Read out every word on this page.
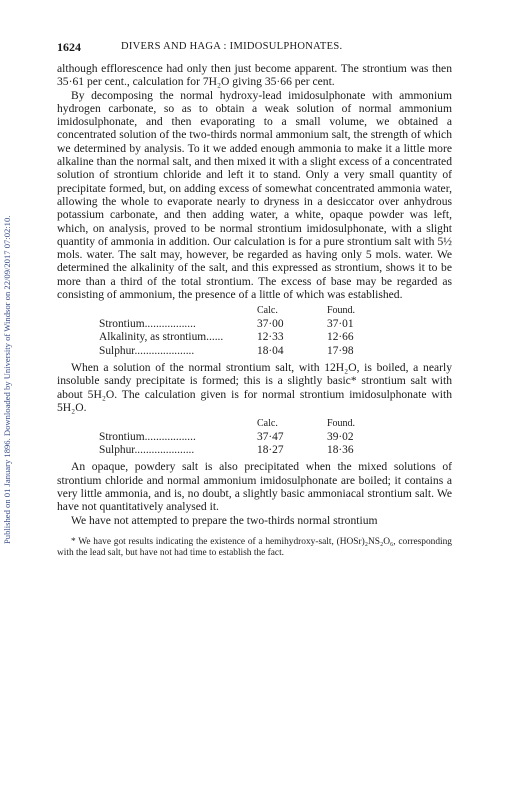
Published on 01 January 1896. Downloaded by University of Windsor on 22/09/2017 07:02:10.
1624	DIVERS AND HAGA : IMIDOSULPHONATES.

although efflorescence had only then just become apparent. The strontium was then 35·61 per cent., calculation for 7H₂O giving 35·66 per cent.

By decomposing the normal hydroxy-lead imidosulphonate with ammonium hydrogen carbonate, so as to obtain a weak solution of normal ammonium imidosulphonate, and then evaporating to a small volume, we obtained a concentrated solution of the two-thirds normal ammonium salt, the strength of which we determined by analysis. To it we added enough ammonia to make it a little more alkaline than the normal salt, and then mixed it with a slight excess of a concentrated solution of strontium chloride and left it to stand. Only a very small quantity of precipitate formed, but, on adding excess of somewhat concentrated ammonia water, allowing the whole to evaporate nearly to dryness in a desiccator over anhydrous potassium carbonate, and then adding water, a white, opaque powder was left, which, on analysis, proved to be normal strontium imidosulphonate, with a slight quantity of ammonia in addition. Our calculation is for a pure strontium salt with 5½ mols. water. The salt may, however, be regarded as having only 5 mols. water. We determined the alkalinity of the salt, and this expressed as strontium, shows it to be more than a third of the total strontium. The excess of base may be regarded as consisting of ammonium, the presence of a little of which was established.

Calc.	Found.
Strontium..................	37·00	37·01
Alkalinity, as strontium......	12·33	12·66
Sulphur.....................	18·04	17·98

When a solution of the normal strontium salt, with 12H₂O, is boiled, a nearly insoluble sandy precipitate is formed; this is a slightly basic* strontium salt with about 5H₂O. The calculation given is for normal strontium imidosulphonate with 5H₂O.

Calc.	Found.
Strontium..................	37·47	39·02
Sulphur.....................	18·27	18·36

An opaque, powdery salt is also precipitated when the mixed solutions of strontium chloride and normal ammonium imidosulphonate are boiled; it contains a very little ammonia, and is, no doubt, a slightly basic ammoniacal strontium salt. We have not quantitatively analysed it.

We have not attempted to prepare the two-thirds normal strontium

* We have got results indicating the existence of a hemihydroxy-salt, (HOSr)₂NS₂O₆, corresponding with the lead salt, but have not had time to establish the fact.
